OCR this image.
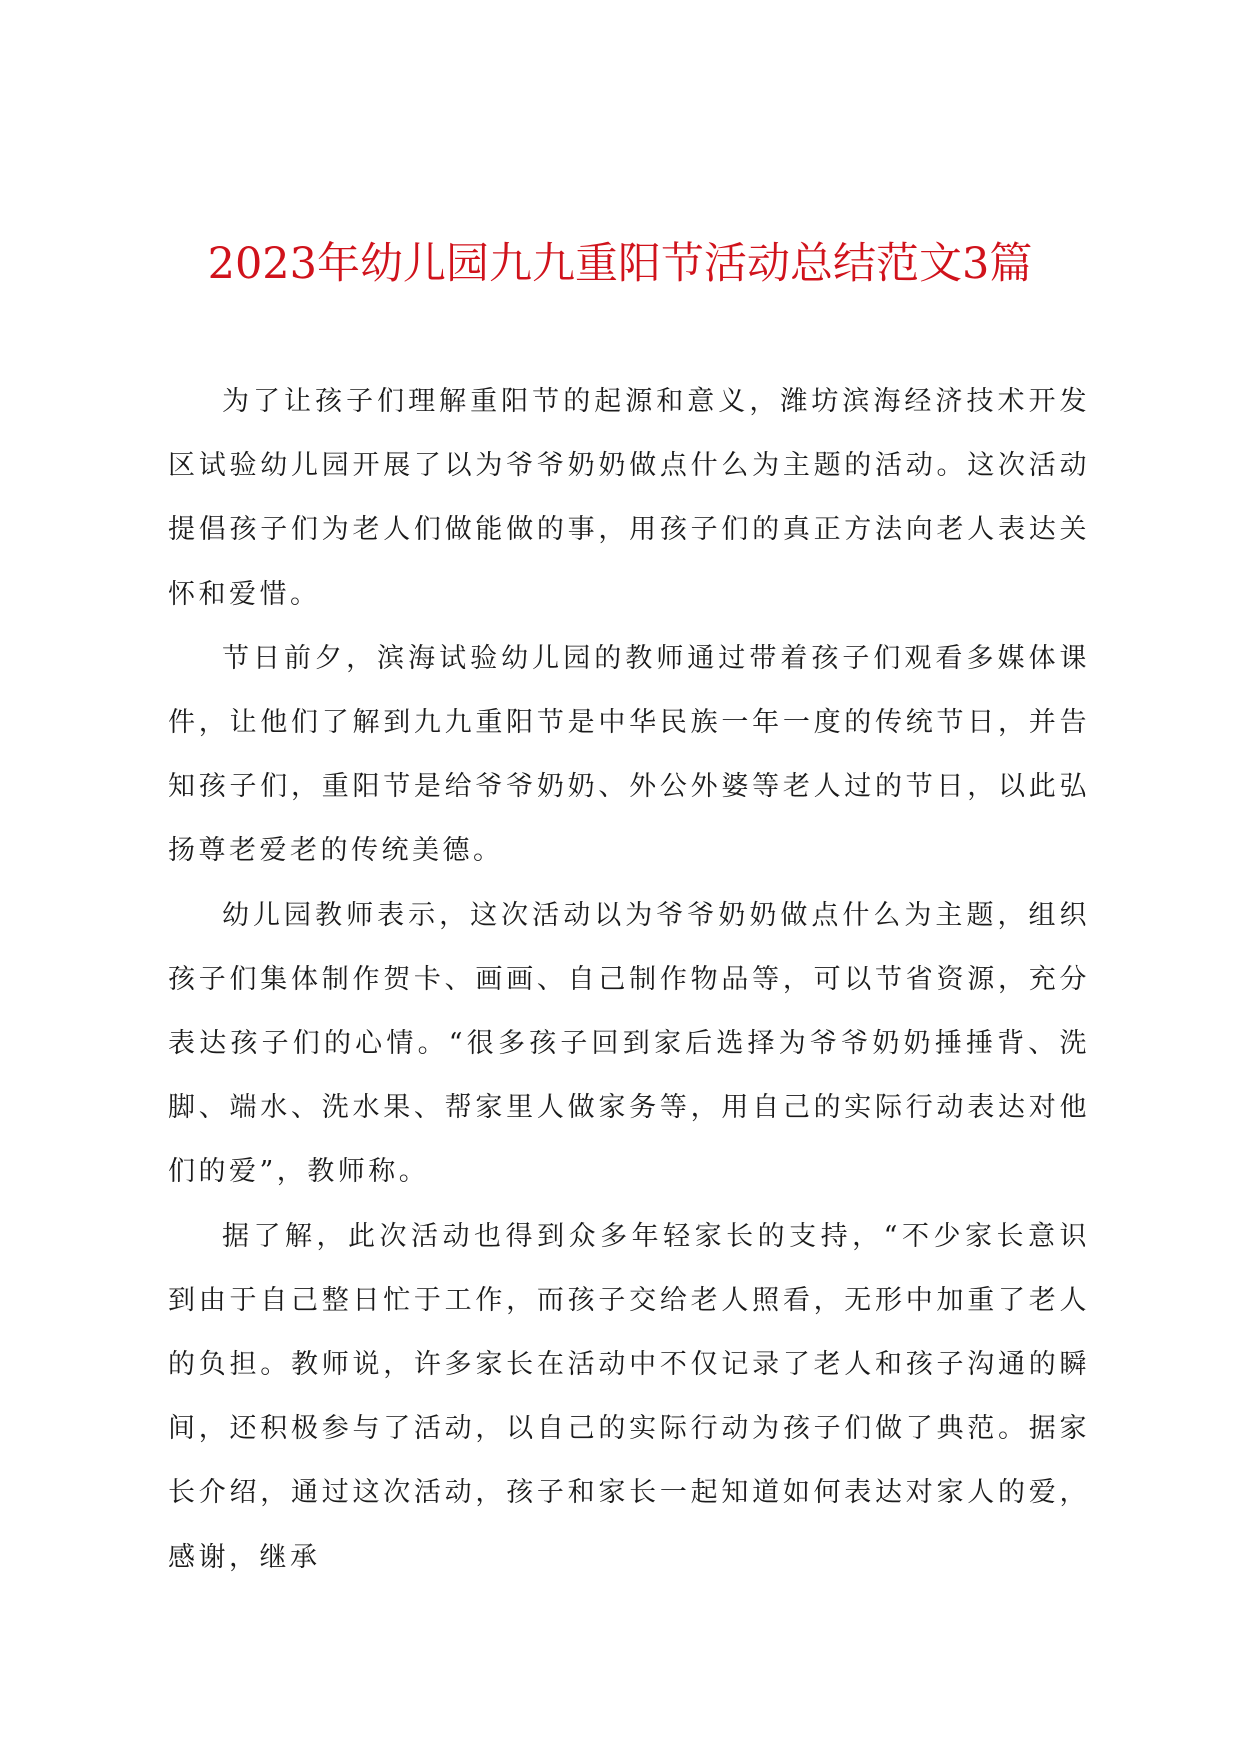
2023年幼儿园九九重阳节活动总结范文3篇

为了让孩子们理解重阳节的起源和意义，潍坊滨海经济技术开发区试验幼儿园开展了以为爷爷奶奶做点什么为主题的活动。这次活动提倡孩子们为老人们做能做的事，用孩子们的真正方法向老人表达关怀和爱惜。

节日前夕，滨海试验幼儿园的教师通过带着孩子们观看多媒体课件，让他们了解到九九重阳节是中华民族一年一度的传统节日，并告知孩子们，重阳节是给爷爷奶奶、外公外婆等老人过的节日，以此弘扬尊老爱老的传统美德。

幼儿园教师表示，这次活动以为爷爷奶奶做点什么为主题，组织孩子们集体制作贺卡、画画、自己制作物品等，可以节省资源，充分表达孩子们的心情。“很多孩子回到家后选择为爷爷奶奶捶捶背、洗脚、端水、洗水果、帮家里人做家务等，用自己的实际行动表达对他们的爱”，教师称。

据了解，此次活动也得到众多年轻家长的支持，“不少家长意识到由于自己整日忙于工作，而孩子交给老人照看，无形中加重了老人的负担。教师说，许多家长在活动中不仅记录了老人和孩子沟通的瞬间，还积极参与了活动，以自己的实际行动为孩子们做了典范。据家长介绍，通过这次活动，孩子和家长一起知道如何表达对家人的爱，感谢，继承
